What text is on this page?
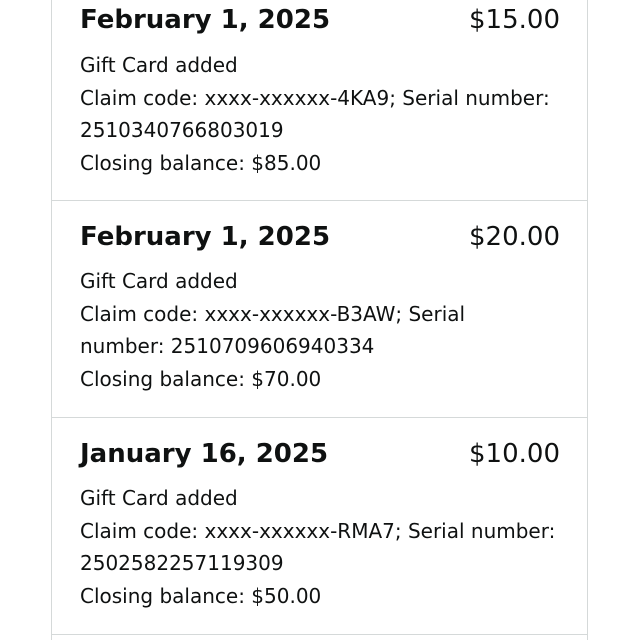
February 1, 2025	$15.00
Gift Card added
Claim code: xxxx-xxxxxx-4KA9; Serial number: 2510340766803019
Closing balance: $85.00
February 1, 2025	$20.00
Gift Card added
Claim code: xxxx-xxxxxx-B3AW; Serial number: 2510709606940334
Closing balance: $70.00
January 16, 2025	$10.00
Gift Card added
Claim code: xxxx-xxxxxx-RMA7; Serial number: 2502582257119309
Closing balance: $50.00
